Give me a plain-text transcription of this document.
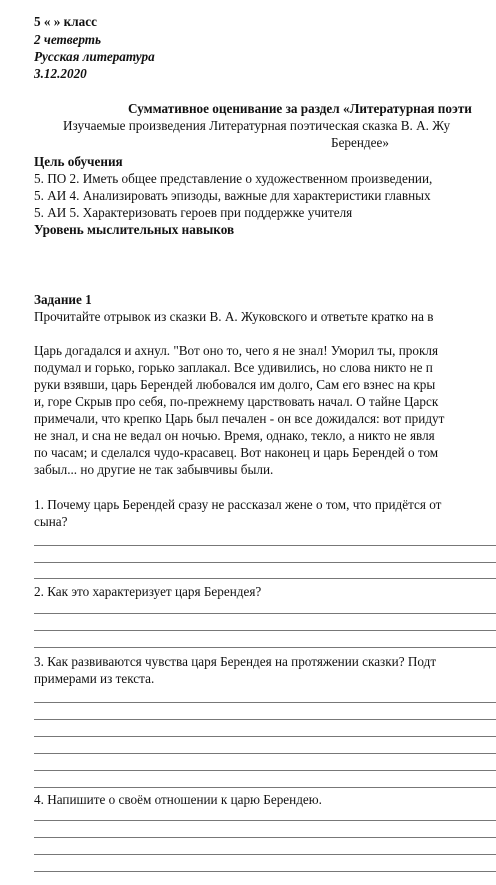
5 « » класс
2 четверть
Русская литература
3.12.2020
Суммативное оценивание за раздел «Литературная поэти
Изучаемые произведения Литературная поэтическая сказка В. А. Жу
Берендее»
Цель обучения
5. ПО 2. Иметь общее представление о художественном произведении,
5. АИ 4. Анализировать эпизоды, важные для характеристики главных
5. АИ 5. Характеризовать героев при поддержке учителя
Уровень мыслительных навыков
Задание 1
Прочитайте отрывок из сказки В. А. Жуковского и ответьте кратко на в
Царь догадался и ахнул. "Вот оно то, чего я не знал! Уморил ты, прокля
подумал и горько, горько заплакал. Все удивились, но слова никто не п
руки взявши, царь Берендей любовался им долго, Сам его взнес на кры
и, горе Скрыв про себя, по-прежнему царствовать начал. О тайне Царск
примечали, что крепко Царь был печален - он все дожидался: вот придут
не знал, и сна не ведал он ночью. Время, однако, текло, а никто не явля
по часам; и сделался чудо-красавец. Вот наконец и царь Берендей о том
забыл... но другие не так забывчивы были.
1. Почему царь Берендей сразу не рассказал жене о том, что придётся от
сына?
2. Как это характеризует царя Берендея?
3. Как развиваются чувства царя Берендея на протяжении сказки? Подт
примерами из текста.
4. Напишите о своём отношении к царю Берендею.
